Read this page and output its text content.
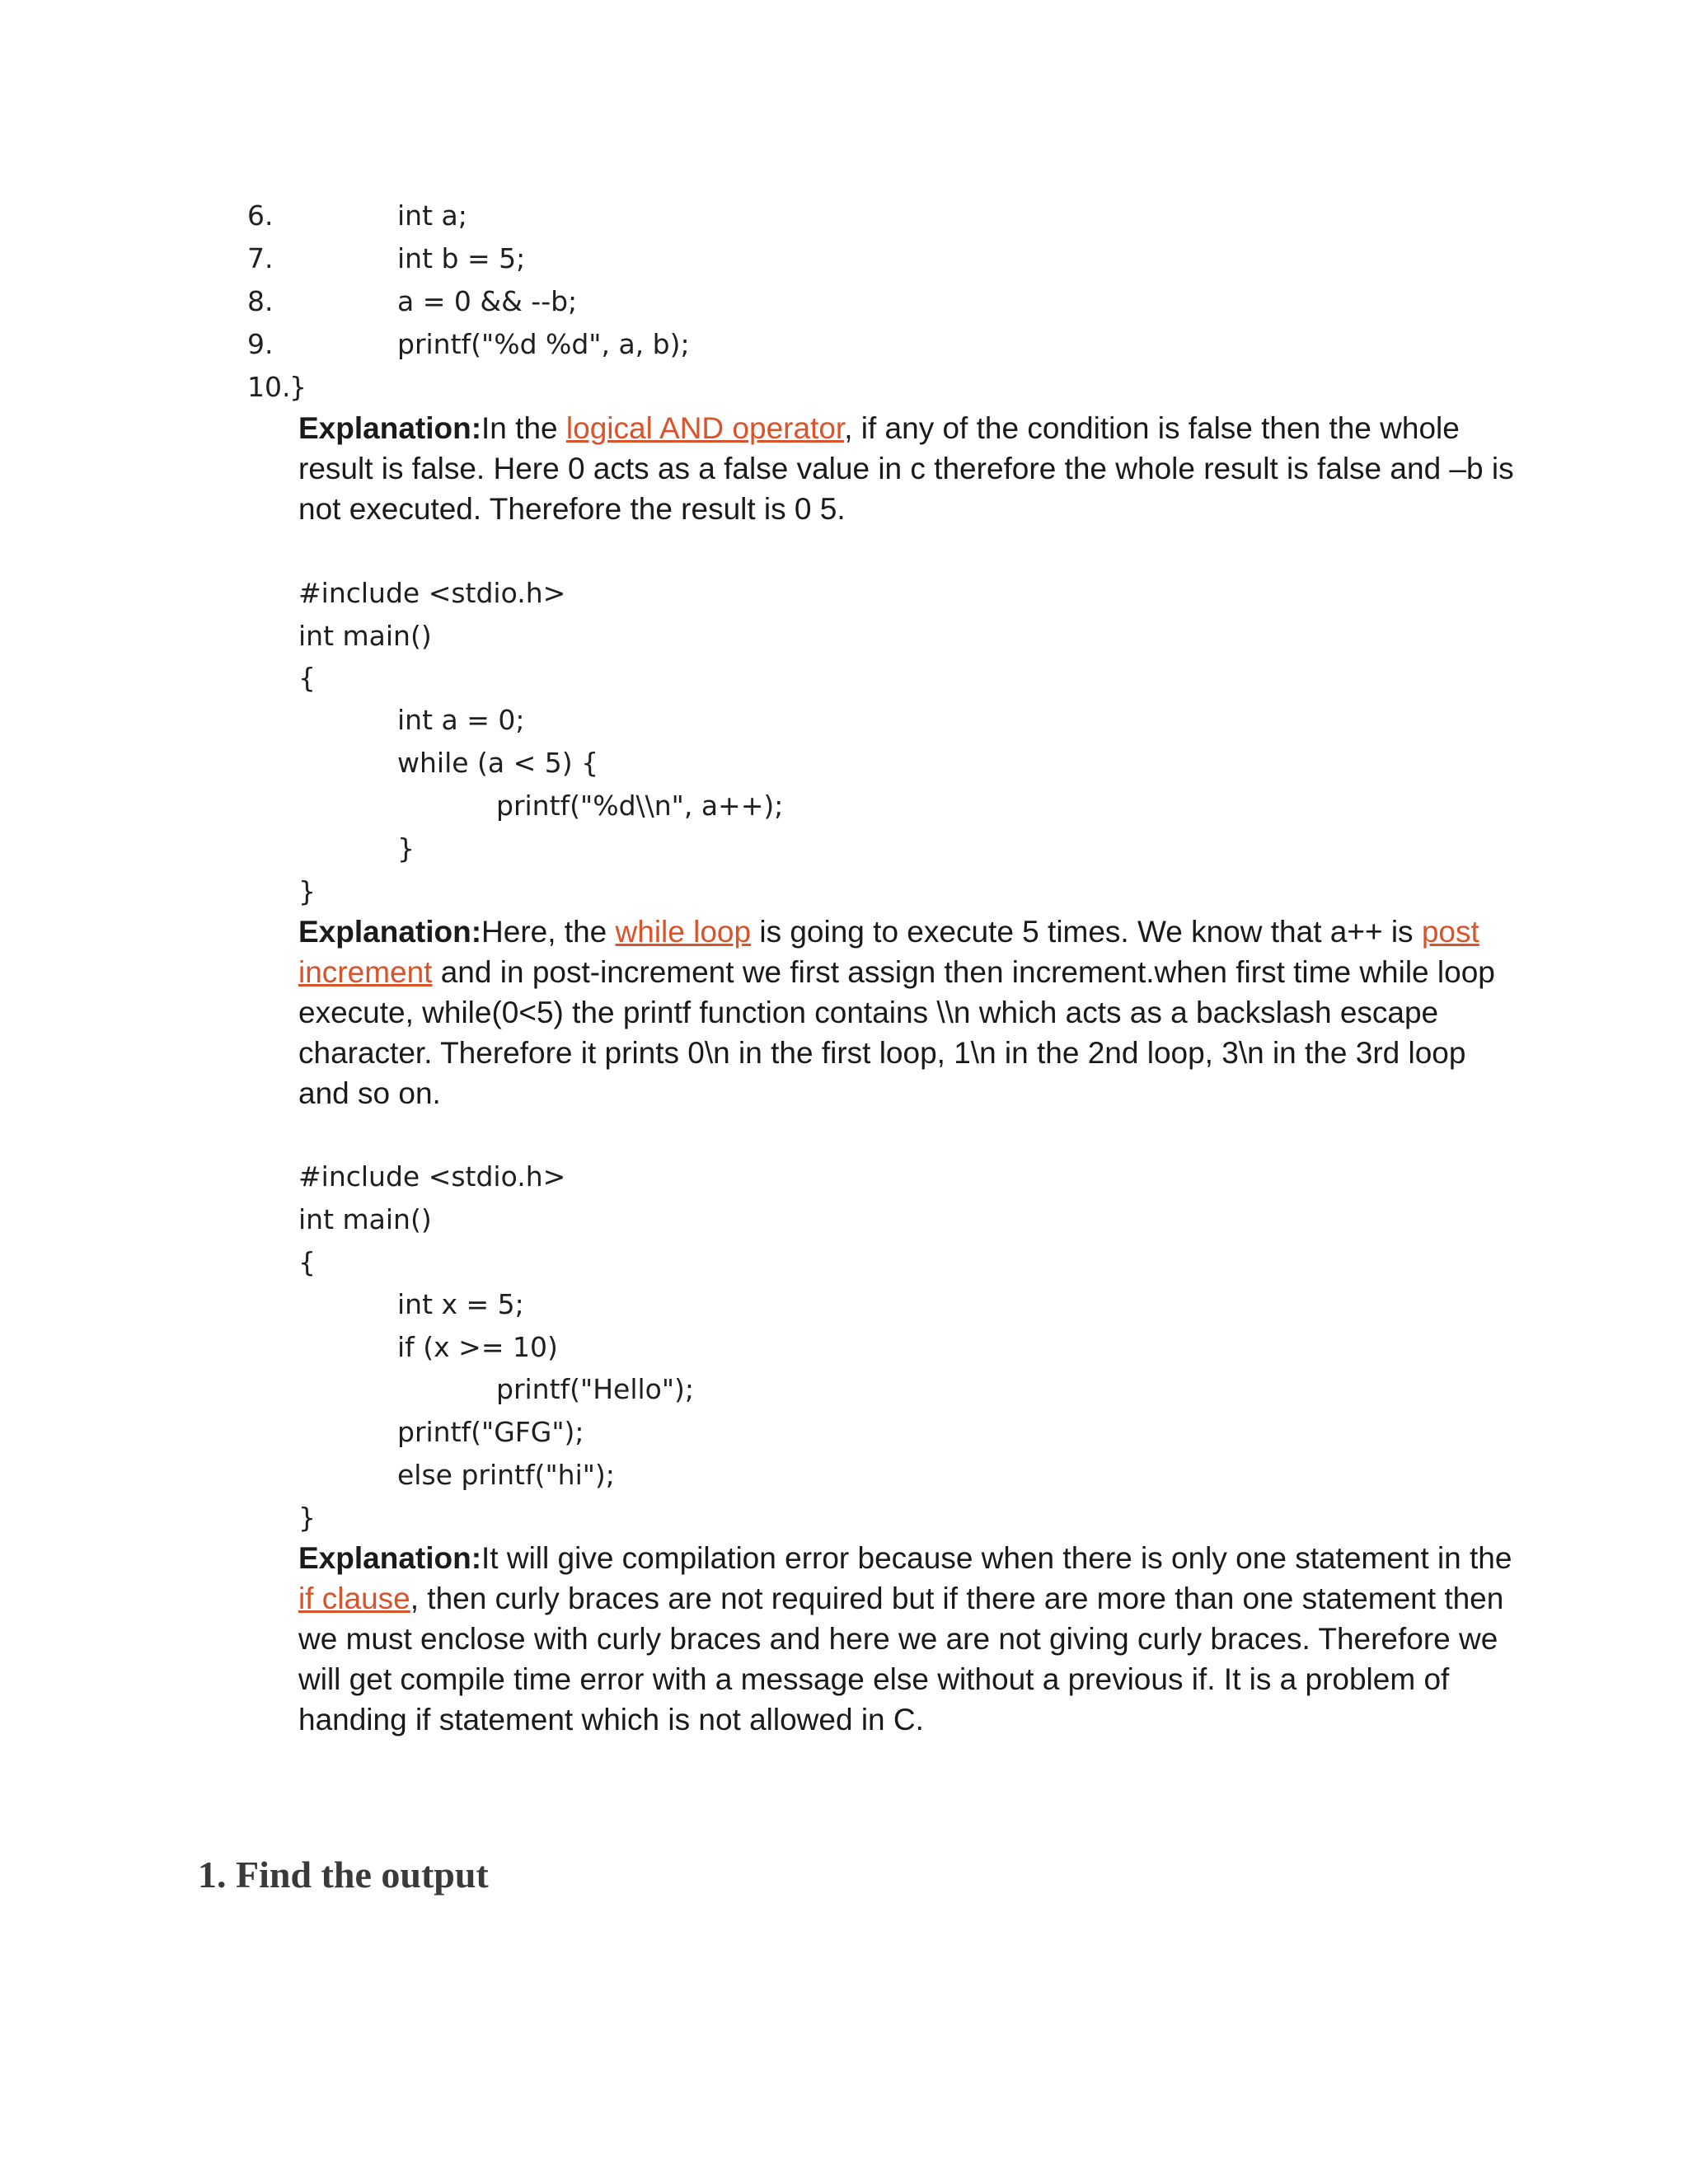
6.	int a;
7.	int b = 5;
8.	a = 0 && --b;
9.	printf("%d %d", a, b);
10.
}
Explanation:In the logical AND operator, if any of the condition is false then the whole result is false. Here 0 acts as a false value in c therefore the whole result is false and –b is not executed. Therefore the result is 0 5.
#include <stdio.h>
int main()
{
int a = 0;
while (a < 5) {
printf("%d\\n", a++);
}
}
Explanation:Here, the while loop is going to execute 5 times. We know that a++ is post increment and in post-increment we first assign then increment.when first time while loop execute, while(0<5) the printf function contains \\n which acts as a backslash escape character. Therefore it prints 0\n in the first loop, 1\n in the 2nd loop, 3\n in the 3rd loop and so on.
#include <stdio.h>
int main()
{
int x = 5;
if (x >= 10)
printf("Hello");
printf("GFG");
else printf("hi");
}
Explanation:It will give compilation error because when there is only one statement in the if clause, then curly braces are not required but if there are more than one statement then we must enclose with curly braces and here we are not giving curly braces. Therefore we will get compile time error with a message else without a previous if. It is a problem of handing if statement which is not allowed in C.
1. Find the output
